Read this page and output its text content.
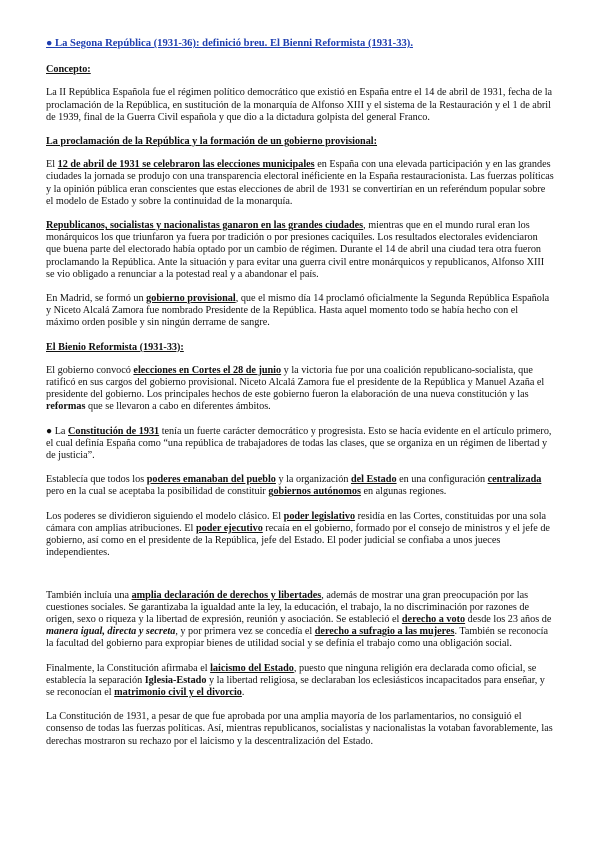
● La Segona República (1931-36): definició breu. El Bienni Reformista (1931-33).
Concepto:

La II República Española fue el régimen político democrático que existió en España entre el 14 de abril de 1931, fecha de la proclamación de la República, en sustitución de la monarquía de Alfonso XIII y el sistema de la Restauración y el 1 de abril de 1939, final de la Guerra Civil española y que dio a la dictadura golpista del general Franco.

La proclamación de la República y la formación de un gobierno provisional:

El 12 de abril de 1931 se celebraron las elecciones municipales en España con una elevada participación y en las grandes ciudades la jornada se produjo con una transparencia electoral inéficiente en la España restauracionista. Las fuerzas políticas y la opinión pública eran conscientes que estas elecciones de abril de 1931 se convertirían en un referéndum popular sobre el modelo de Estado y sobre la continuidad de la monarquía.

Republicanos, socialistas y nacionalistas ganaron en las grandes ciudades, mientras que en el mundo rural eran los monárquicos los que triunfaron ya fuera por tradición o por presiones caciquiles. Los resultados electorales evidenciaron que buena parte del electorado había optado por un cambio de régimen. Durante el 14 de abril una ciudad tera otra fueron proclamando la República. Ante la situación y para evitar una guerra civil entre monárquicos y republicanos, Alfonso XIII se vio obligado a renunciar a la potestad real y a abandonar el país.

En Madrid, se formó un gobierno provisional, que el mismo día 14 proclamó oficialmente la Segunda República Española y Niceto Alcalá Zamora fue nombrado Presidente de la República. Hasta aquel momento todo se había hecho con el máximo orden posible y sin ningún derrame de sangre.

El Bienio Reformista (1931-33):

El gobierno convocó elecciones en Cortes el 28 de junio y la victoria fue por una coalición republicano-socialista, que ratificó en sus cargos del gobierno provisional. Niceto Alcalá Zamora fue el presidente de la República y Manuel Azaña el presidente del gobierno. Los principales hechos de este gobierno fueron la elaboración de una nueva constitución y las reformas que se llevaron a cabo en diferentes ámbitos.

● La Constitución de 1931 tenía un fuerte carácter democrático y progresista. Esto se hacía evidente en el artículo primero, el cual definía España como “una república de trabajadores de todas las clases, que se organiza en un régimen de libertad y de justicia”.

Establecía que todos los poderes emanaban del pueblo y la organización del Estado en una configuración centralizada pero en la cual se aceptaba la posibilidad de constituir gobiernos autónomos en algunas regiones.

Los poderes se dividieron siguiendo el modelo clásico. El poder legislativo residía en las Cortes, constituidas por una sola cámara con amplias atribuciones. El poder ejecutivo recaía en el gobierno, formado por el consejo de ministros y el jefe de gobierno, así como en el presidente de la República, jefe del Estado. El poder judicial se confiaba a unos jueces independientes.

También incluía una amplia declaración de derechos y libertades, además de mostrar una gran preocupación por las cuestiones sociales. Se garantizaba la igualdad ante la ley, la educación, el trabajo, la no discriminación por razones de origen, sexo o riqueza y la libertad de expresión, reunión y asociación. Se estableció el derecho a voto desde los 23 años de manera igual, directa y secreta, y por primera vez se concedía el derecho a sufragio a las mujeres. También se reconocía la facultad del gobierno para expropiar bienes de utilidad social y se definía el trabajo como una obligación social.

Finalmente, la Constitución afirmaba el laicismo del Estado, puesto que ninguna religión era declarada como oficial, se establecía la separación Iglesia-Estado y la libertad religiosa, se declaraban los eclesiásticos incapacitados para enseñar, y se reconocían el matrimonio civil y el divorcio.

La Constitución de 1931, a pesar de que fue aprobada por una amplia mayoría de los parlamentarios, no consiguió el consenso de todas las fuerzas políticas. Así, mientras republicanos, socialistas y nacionalistas la votaban favorablemente, las derechas mostraron su rechazo por el laicismo y la descentralización del Estado.
